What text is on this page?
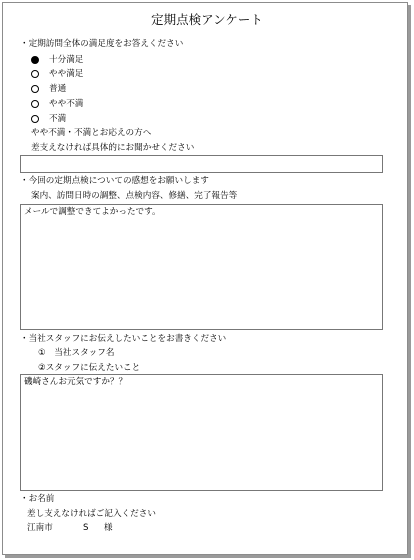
定期点検アンケート
・定期訪問全体の満足度をお答えください
十分満足
やや満足
普通
やや不満
不満
やや不満・不満とお応えの方へ
差支えなければ具体的にお聞かせください
・今回の定期点検についての感想をお願いします
案内、訪問日時の調整、点検内容、修繕、完了報告等
メールで調整できてよかったです。
・当社スタッフにお伝えしたいことをお書きください
①　当社スタッフ名
②スタッフに伝えたいこと
磯崎さんお元気ですか？？
・お名前
差し支えなければご記入ください
江南市	S 様
